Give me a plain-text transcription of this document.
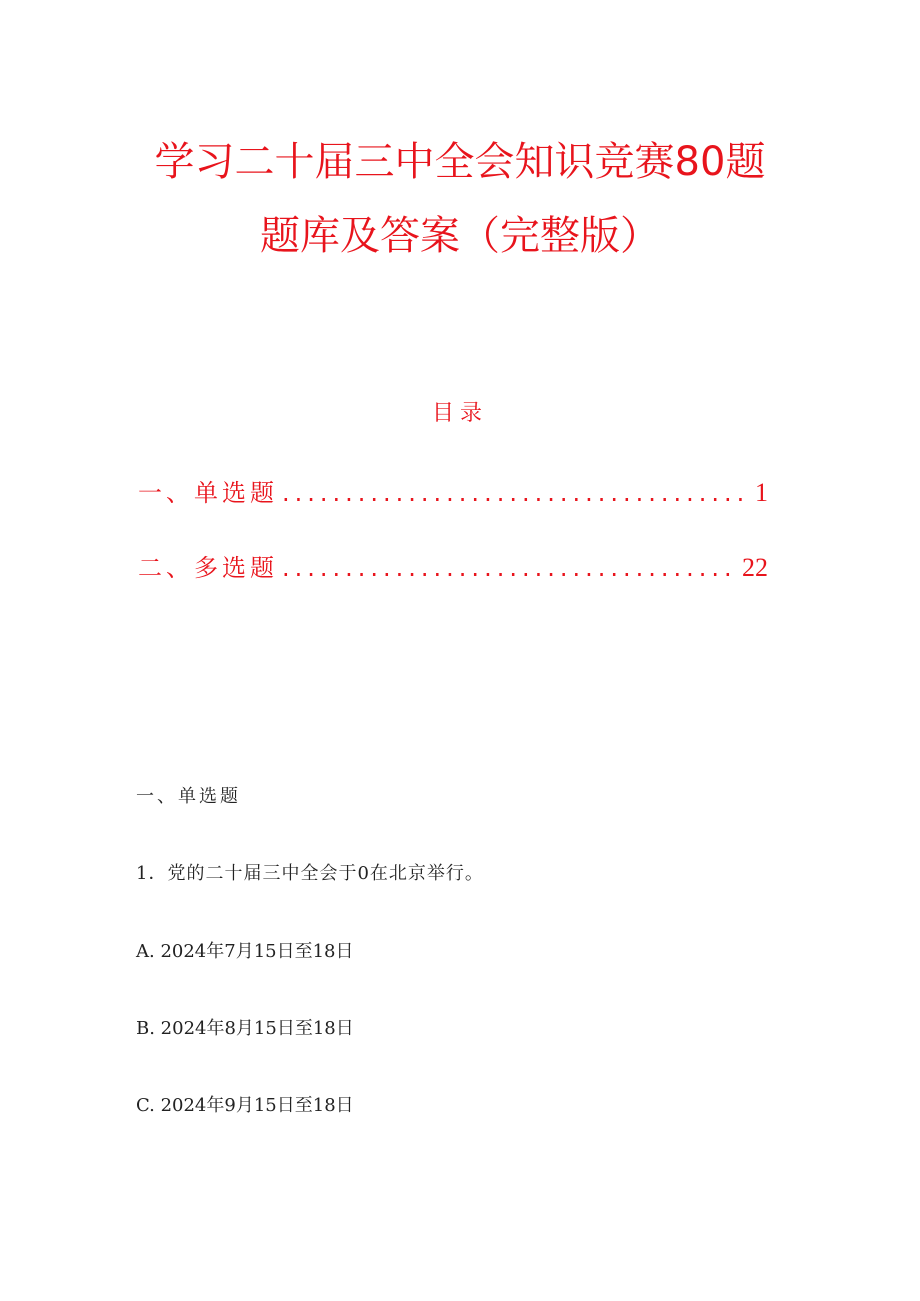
学习二十届三中全会知识竞赛80题
题库及答案（完整版）
目录
一、单选题 .....	1
二、多选题 .....	22
一、单选题
1．党的二十届三中全会于0在北京举行。
A. 2024年7月15日至18日
B. 2024年8月15日至18日
C. 2024年9月15日至18日
